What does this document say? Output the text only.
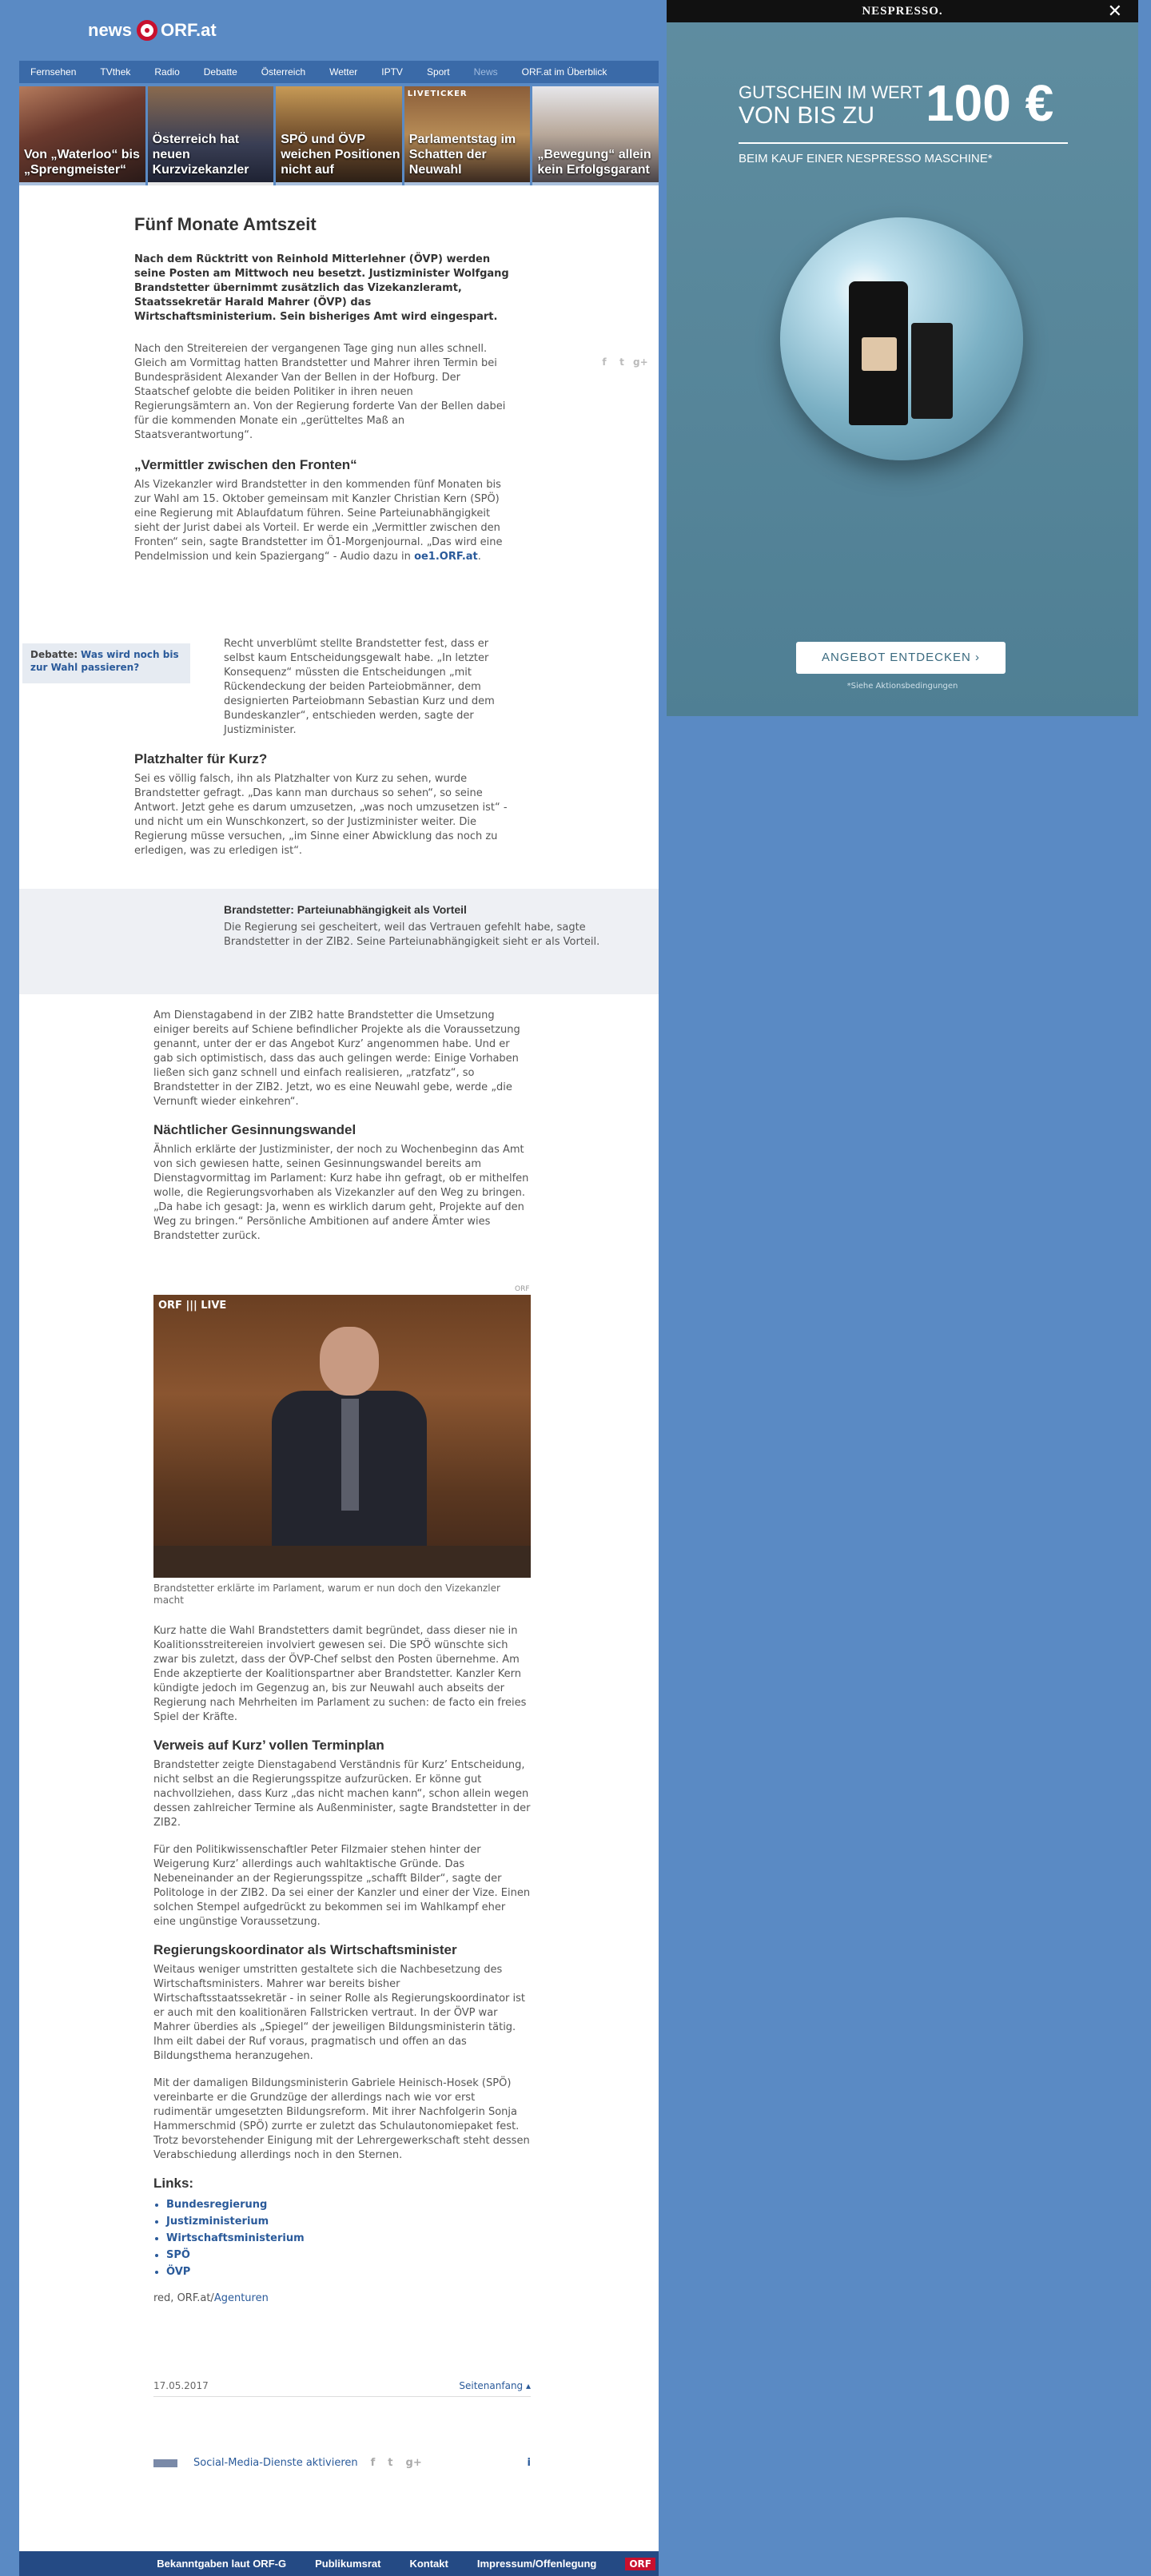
news ORF.at
Fernsehen	TVthek	Radio	Debatte	Österreich	Wetter	IPTV	Sport	News	ORF.at im Überblick
Von „Waterloo“ bis „Sprengmeister“
Österreich hat neuen Kurzvizekanzler
SPÖ und ÖVP weichen Positionen nicht auf
LIVETICKER
Parlamentstag im Schatten der Neuwahl
„Bewegung“ allein kein Erfolgsgarant
Fünf Monate Amtszeit

Nach dem Rücktritt von Reinhold Mitterlehner (ÖVP) werden seine Posten am Mittwoch neu besetzt. Justizminister Wolfgang Brandstetter übernimmt zusätzlich das Vizekanzleramt, Staatssekretär Harald Mahrer (ÖVP) das Wirtschaftsministerium. Sein bisheriges Amt wird eingespart.

Nach den Streitereien der vergangenen Tage ging nun alles schnell. Gleich am Vormittag hatten Brandstetter und Mahrer ihren Termin bei Bundespräsident Alexander Van der Bellen in der Hofburg. Der Staatschef gelobte die beiden Politiker in ihren neuen Regierungsämtern an. Von der Regierung forderte Van der Bellen dabei für die kommenden Monate ein „gerütteltes Maß an Staatsverantwortung“.

„Vermittler zwischen den Fronten“

Als Vizekanzler wird Brandstetter in den kommenden fünf Monaten bis zur Wahl am 15. Oktober gemeinsam mit Kanzler Christian Kern (SPÖ) eine Regierung mit Ablaufdatum führen. Seine Parteiunabhängigkeit sieht der Jurist dabei als Vorteil. Er werde ein „Vermittler zwischen den Fronten“ sein, sagte Brandstetter im Ö1-Morgenjournal. „Das wird eine Pendelmission und kein Spaziergang“ - Audio dazu in oe1.ORF.at.

f	t g+
Debatte: Was wird noch bis zur Wahl passieren?

Recht unverblümt stellte Brandstetter fest, dass er selbst kaum Entscheidungsgewalt habe. „In letzter Konsequenz“ müssten die Entscheidungen „mit Rückendeckung der beiden Parteiobmänner, dem designierten Parteiobmann Sebastian Kurz und dem Bundeskanzler“, entschieden werden, sagte der Justizminister.

Platzhalter für Kurz?

Sei es völlig falsch, ihn als Platzhalter von Kurz zu sehen, wurde Brandstetter gefragt. „Das kann man durchaus so sehen“, so seine Antwort. Jetzt gehe es darum umzusetzen, „was noch umzusetzen ist“ - und nicht um ein Wunschkonzert, so der Justizminister weiter. Die Regierung müsse versuchen, „im Sinne einer Abwicklung das noch zu erledigen, was zu erledigen ist“.

Brandstetter: Parteiunabhängigkeit als Vorteil

Die Regierung sei gescheitert, weil das Vertrauen gefehlt habe, sagte Brandstetter in der ZIB2. Seine Parteiunabhängigkeit sieht er als Vorteil.

Am Dienstagabend in der ZIB2 hatte Brandstetter die Umsetzung einiger bereits auf Schiene befindlicher Projekte als die Voraussetzung genannt, unter der er das Angebot Kurz’ angenommen habe. Und er gab sich optimistisch, dass das auch gelingen werde: Einige Vorhaben ließen sich ganz schnell und einfach realisieren, „ratzfatz“, so Brandstetter in der ZIB2. Jetzt, wo es eine Neuwahl gebe, werde „die Vernunft wieder einkehren“.

Nächtlicher Gesinnungswandel

Ähnlich erklärte der Justizminister, der noch zu Wochenbeginn das Amt von sich gewiesen hatte, seinen Gesinnungswandel bereits am Dienstagvormittag im Parlament: Kurz habe ihn gefragt, ob er mithelfen wolle, die Regierungsvorhaben als Vizekanzler auf den Weg zu bringen. „Da habe ich gesagt: Ja, wenn es wirklich darum geht, Projekte auf den Weg zu bringen.“ Persönliche Ambitionen auf andere Ämter wies Brandstetter zurück.

ORF
ORF ||| LIVE
Brandstetter erklärte im Parlament, warum er nun doch den Vizekanzler macht

Kurz hatte die Wahl Brandstetters damit begründet, dass dieser nie in Koalitionsstreitereien involviert gewesen sei. Die SPÖ wünschte sich zwar bis zuletzt, dass der ÖVP-Chef selbst den Posten übernehme. Am Ende akzeptierte der Koalitionspartner aber Brandstetter. Kanzler Kern kündigte jedoch im Gegenzug an, bis zur Neuwahl auch abseits der Regierung nach Mehrheiten im Parlament zu suchen: de facto ein freies Spiel der Kräfte.

Verweis auf Kurz’ vollen Terminplan

Brandstetter zeigte Dienstagabend Verständnis für Kurz’ Entscheidung, nicht selbst an die Regierungsspitze aufzurücken. Er könne gut nachvollziehen, dass Kurz „das nicht machen kann“, schon allein wegen dessen zahlreicher Termine als Außenminister, sagte Brandstetter in der ZIB2.

Für den Politikwissenschaftler Peter Filzmaier stehen hinter der Weigerung Kurz’ allerdings auch wahltaktische Gründe. Das Nebeneinander an der Regierungsspitze „schafft Bilder“, sagte der Politologe in der ZIB2. Da sei einer der Kanzler und einer der Vize. Einen solchen Stempel aufgedrückt zu bekommen sei im Wahlkampf eher eine ungünstige Voraussetzung.

Regierungskoordinator als Wirtschaftsminister

Weitaus weniger umstritten gestaltete sich die Nachbesetzung des Wirtschaftsministers. Mahrer war bereits bisher Wirtschaftsstaatssekretär - in seiner Rolle als Regierungskoordinator ist er auch mit den koalitionären Fallstricken vertraut. In der ÖVP war Mahrer überdies als „Spiegel“ der jeweiligen Bildungsministerin tätig. Ihm eilt dabei der Ruf voraus, pragmatisch und offen an das Bildungsthema heranzugehen.

Mit der damaligen Bildungsministerin Gabriele Heinisch-Hosek (SPÖ) vereinbarte er die Grundzüge der allerdings nach wie vor erst rudimentär umgesetzten Bildungsreform. Mit ihrer Nachfolgerin Sonja Hammerschmid (SPÖ) zurrte er zuletzt das Schulautonomiepaket fest. Trotz bevorstehender Einigung mit der Lehrergewerkschaft steht dessen Verabschiedung allerdings noch in den Sternen.

Links:
• Bundesregierung
• Justizministerium
• Wirtschaftsministerium
• SPÖ
• ÖVP

red, ORF.at/Agenturen

17.05.2017	Seitenanfang ▴
Social-Media-Dienste aktivieren f t g+	i
Bekanntgaben laut ORF-G	Publikumsrat	Kontakt	Impressum/Offenlegung	ORF
NESPRESSO.	✕
GUTSCHEIN IM WERT
VON BIS ZU 100 €
BEIM KAUF EINER NESPRESSO MASCHINE*
ANGEBOT ENTDECKEN ›
*Siehe Aktionsbedingungen
